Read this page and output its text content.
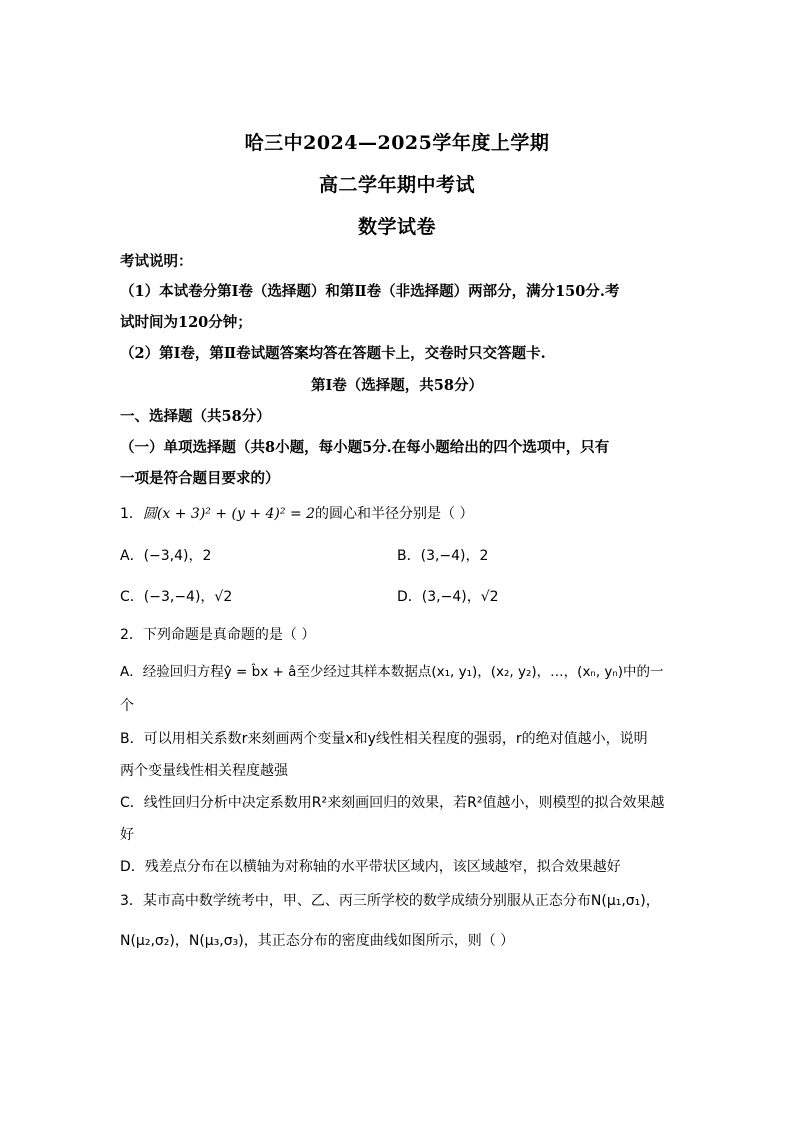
哈三中2024—2025学年度上学期
高二学年期中考试
数学试卷
考试说明：
（1）本试卷分第Ⅰ卷（选择题）和第Ⅱ卷（非选择题）两部分，满分150分.考
试时间为120分钟；
（2）第Ⅰ卷，第Ⅱ卷试题答案均答在答题卡上，交卷时只交答题卡.
第Ⅰ卷（选择题，共58分）
一、选择题（共58分）
（一）单项选择题（共8小题，每小题5分.在每小题给出的四个选项中，只有
一项是符合题目要求的）
1．圆(x + 3)² + (y + 4)² = 2的圆心和半径分别是（ ）
A．(−3,4)，2	B．(3,−4)，2
C．(−3,−4)，√2	D．(3,−4)，√2
2．下列命题是真命题的是（ ）
A．经验回归方程ŷ = b̂x + â至少经过其样本数据点(x₁, y₁)，(x₂, y₂)，…，(xₙ, yₙ)中的一
个
B．可以用相关系数r来刻画两个变量x和y线性相关程度的强弱，r的绝对值越小，说明
两个变量线性相关程度越强
C．线性回归分析中决定系数用R²来刻画回归的效果，若R²值越小，则模型的拟合效果越
好
D．残差点分布在以横轴为对称轴的水平带状区域内，该区域越窄，拟合效果越好
3．某市高中数学统考中，甲、乙、丙三所学校的数学成绩分别服从正态分布N(μ₁,σ₁)，
N(μ₂,σ₂)，N(μ₃,σ₃)，其正态分布的密度曲线如图所示，则（ ）
